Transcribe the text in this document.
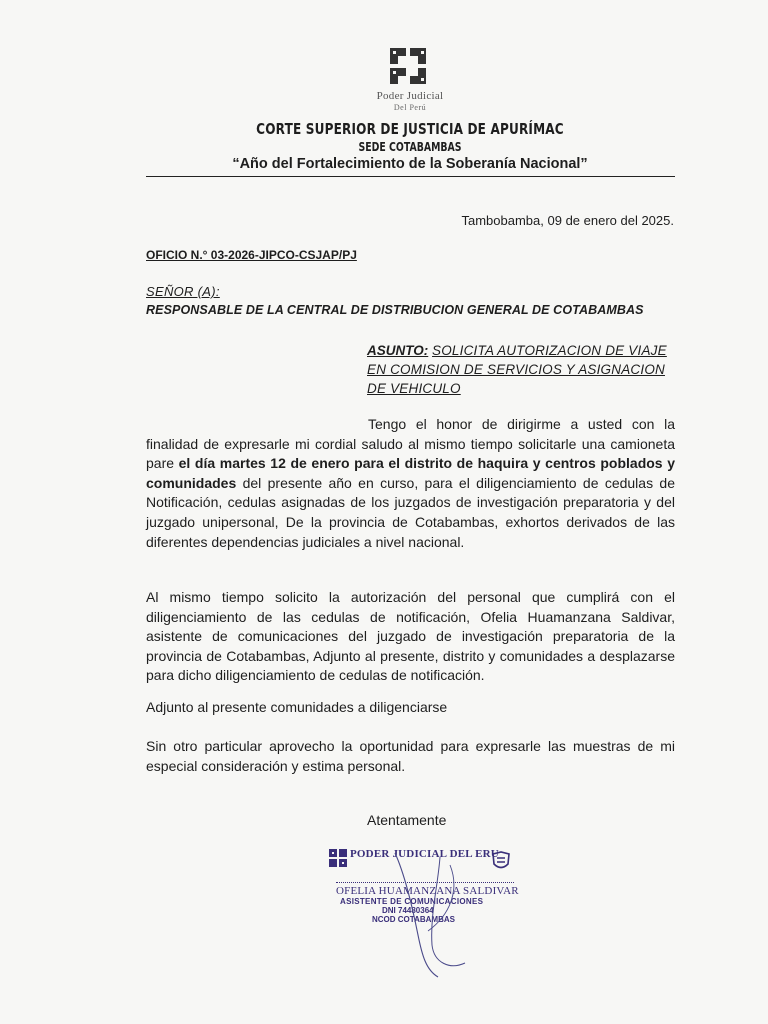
Poder Judicial
Del Perú
CORTE SUPERIOR DE JUSTICIA DE APURÍMAC
SEDE COTABAMBAS
“Año del Fortalecimiento de la Soberanía Nacional”
Tambobamba, 09 de enero del 2025.
OFICIO N.° 03-2026-JIPCO-CSJAP/PJ
SEÑOR (A):
RESPONSABLE DE LA CENTRAL DE DISTRIBUCION GENERAL DE COTABAMBAS
ASUNTO: SOLICITA AUTORIZACION DE VIAJE EN COMISION DE SERVICIOS Y ASIGNACION DE VEHICULO
Tengo el honor de dirigirme a usted con la finalidad de expresarle mi cordial saludo al mismo tiempo solicitarle una camioneta pare el día martes 12 de enero para el distrito de haquira y centros poblados y comunidades del presente año en curso, para el diligenciamiento de cedulas de Notificación, cedulas asignadas de los juzgados de investigación preparatoria y del juzgado unipersonal, De la provincia de Cotabambas, exhortos derivados de las diferentes dependencias judiciales a nivel nacional.
Al mismo tiempo solicito la autorización del personal que cumplirá con el diligenciamiento de las cedulas de notificación, Ofelia Huamanzana Saldivar, asistente de comunicaciones del juzgado de investigación preparatoria de la provincia de Cotabambas, Adjunto al presente, distrito y comunidades a desplazarse para dicho diligenciamiento de cedulas de notificación.
Adjunto al presente comunidades a diligenciarse
Sin otro particular aprovecho la oportunidad para expresarle las muestras de mi especial consideración y estima personal.
Atentamente
PODER JUDICIAL DEL ERU
OFELIA HUAMANZANA SALDIVAR
ASISTENTE DE COMUNICACIONES
DNI 74480364
NCOD COTABAMBAS
